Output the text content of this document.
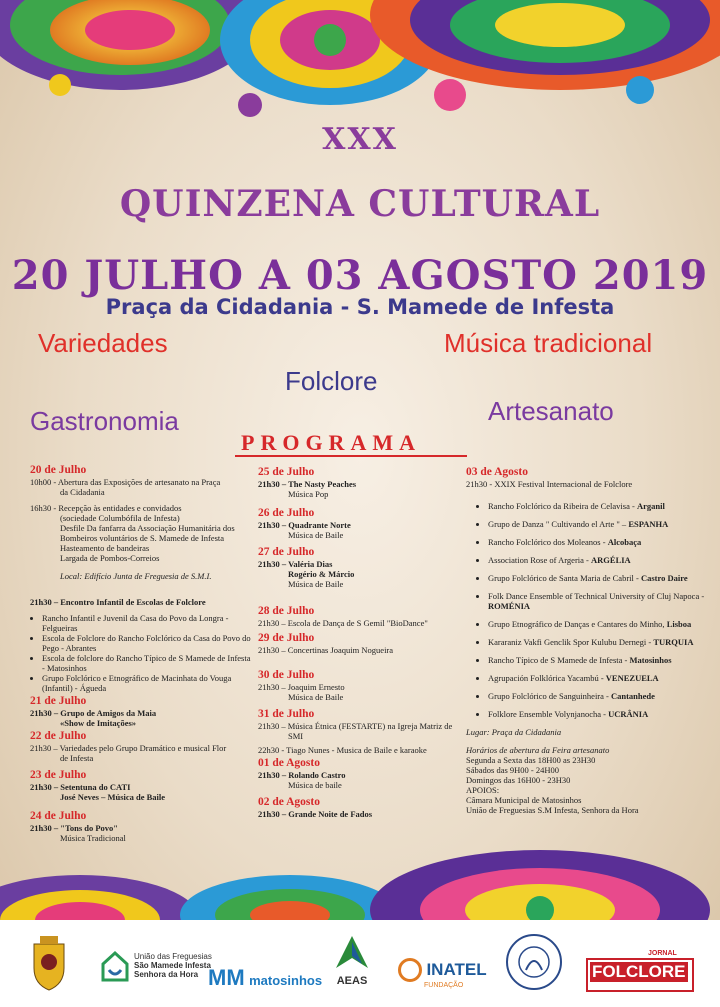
XXX
QUINZENA CULTURAL
20 JULHO A 03 AGOSTO 2019
Praça da Cidadania - S. Mamede de Infesta
Variedades	Música tradicional
Folclore
Gastronomia	Artesanato
PROGRAMA
20 de Julho
10h00 - Abertura das Exposições de artesanato na Praça
da Cidadania
16h30 - Recepção às entidades e convidados
(sociedade Columbófila de Infesta)
Desfile Da fanfarra da Associação Humanitária dos
Bombeiros voluntários de S. Mamede de Infesta
Hasteamento de bandeiras
Largada de Pombos-Correios
Local: Edifício Junta de Freguesia de S.M.I.
21h30 – Encontro Infantil de Escolas de Folclore
• Rancho Infantil e Juvenil da Casa do Povo da Longra - Felgueiras
• Escola de Folclore do Rancho Folclórico da Casa do Povo do Pego - Abrantes
• Escola de folclore do Rancho Típico de S Mamede de Infesta - Matosinhos
• Grupo Folclórico e Etnográfico de Macinhata do Vouga (Infantil) - Águeda
21 de Julho
21h30 – Grupo de Amigos da Maia
«Show de Imitações»
22 de Julho
21h30 – Variedades pelo Grupo Dramático e musical Flor
de Infesta
23 de Julho
21h30 – Setentuna do CATI
José Neves – Música de Baile
24 de Julho
21h30 – "Tons do Povo"
Música Tradicional
25 de Julho
21h30 – The Nasty Peaches
Música Pop
26 de Julho
21h30 – Quadrante Norte
Música de Baile
27 de Julho
21h30 – Valéria Dias
Rogério & Márcio
Música de Baile
28 de Julho
21h30 – Escola de Dança de S Gemil "BioDance"
29 de Julho
21h30 – Concertinas Joaquim Nogueira
30 de Julho
21h30 – Joaquim Ernesto
Música de Baile
31 de Julho
21h30 – Música Étnica (FESTARTE) na Igreja Matriz de
SMI
22h30 - Tiago Nunes - Musica de Baile e karaoke
01 de Agosto
21h30 – Rolando Castro
Música de baile
02 de Agosto
21h30 – Grande Noite de Fados
03 de Agosto
21h30 - XXIX Festival Internacional de Folclore
• Rancho Folclórico da Ribeira de Celavisa - Arganil
• Grupo de Danza " Cultivando el Arte " – ESPANHA
• Rancho Folclórico dos Moleanos - Alcobaça
• Association Rose of Argeria - ARGÉLIA
• Grupo Folclórico de Santa Maria de Cabril - Castro Daire
• Folk Dance Ensemble of Technical University of Cluj Napoca - ROMÉNIA
• Grupo Etnográfico de Danças e Cantares do Minho, Lisboa
• Kararaniz Vakfi Genclik Spor Kulubu Dernegi - TURQUIA
• Rancho Típico de S Mamede de Infesta - Matosinhos
• Agrupación Folklórica Yacambú - VENEZUELA
• Grupo Folclórico de Sanguinheira - Cantanhede
• Folklore Ensemble Volynjanocha - UCRÂNIA
Lugar: Praça da Cidadania
Horários de abertura da Feira artesanato
Segunda a Sexta das 18H00 as 23H30
Sábados das 9H00 - 24H00
Domingos das 16H00 - 23H30
APOIOS:
Câmara Municipal de Matosinhos
União de Freguesias S.M Infesta, Senhora da Hora
União das Freguesias
São Mamede Infesta
Senhora da Hora MM matosinhos	AEAS
INATEL
FUNDAÇÃO
JORNAL
FOLCLORE
